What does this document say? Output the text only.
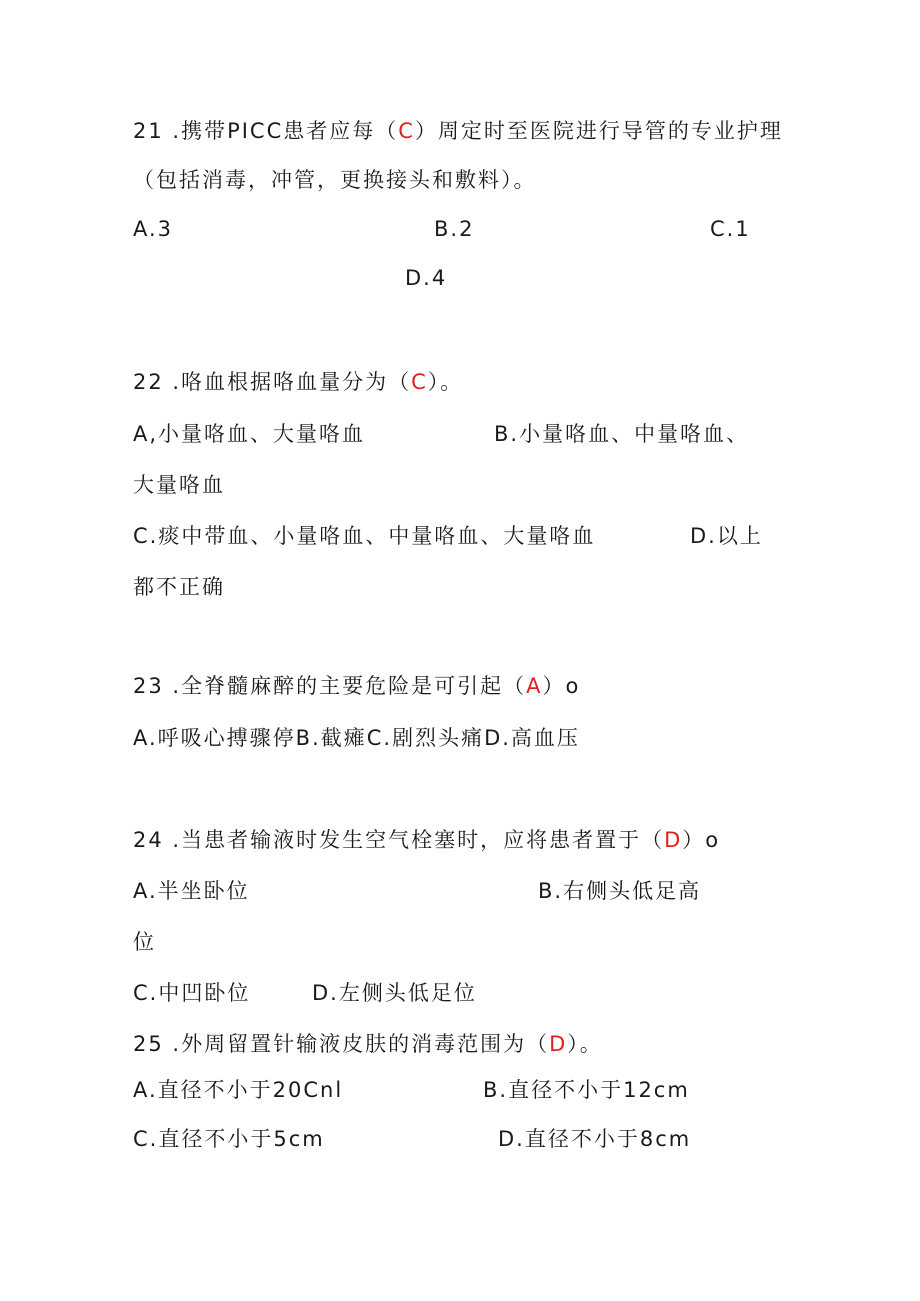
21 .携带PICC患者应每（C）周定时至医院进行导管的专业护理
（包括消毒，冲管，更换接头和敷料）。
A.3	B.2	C.1
D.4
22 .咯血根据咯血量分为（C）。
A,小量咯血、大量咯血	B.小量咯血、中量咯血、
大量咯血
C.痰中带血、小量咯血、中量咯血、大量咯血	D.以上
都不正确
23 .全脊髓麻醉的主要危险是可引起（A）o
A.呼吸心搏骤停B.截瘫C.剧烈头痛D.高血压
24 .当患者输液时发生空气栓塞时，应将患者置于（D）o
A.半坐卧位	B.右侧头低足高
位
C.中凹卧位	D.左侧头低足位
25 .外周留置针输液皮肤的消毒范围为（D）。
A.直径不小于20Cnl	B.直径不小于12cm
C.直径不小于5cm	D.直径不小于8cm
